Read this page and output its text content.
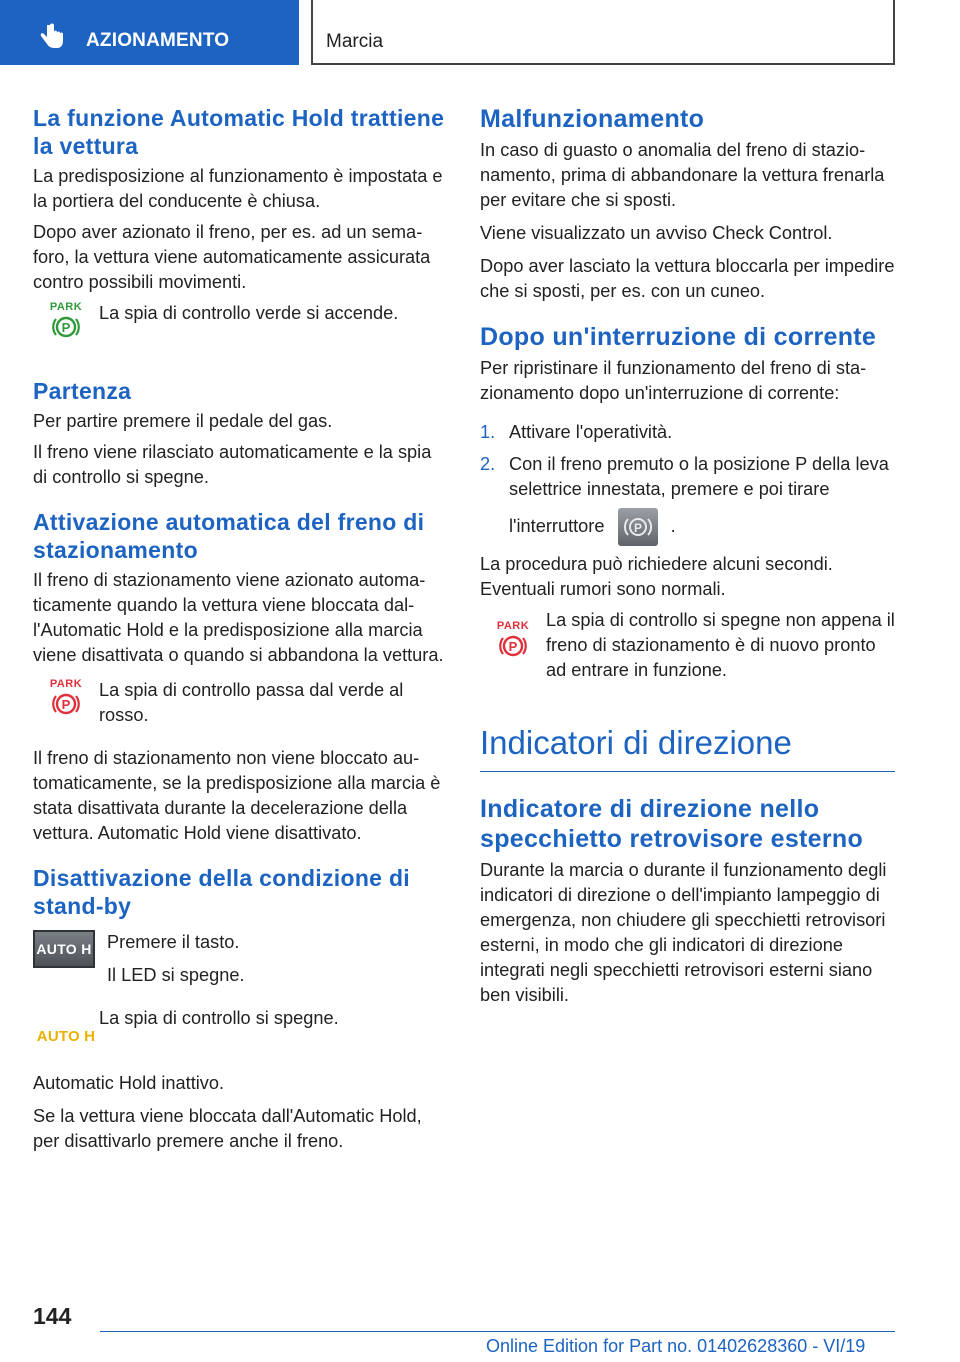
AZIONAMENTO	Marcia
La funzione Automatic Hold trattiene la vettura

La predisposizione al funzionamento è impostata e la portiera del conducente è chiusa.

Dopo aver azionato il freno, per es. ad un semaforo, la vettura viene automaticamente assicurata contro possibili movimenti.

PARK
P

La spia di controllo verde si accende.

Partenza

Per partire premere il pedale del gas.

Il freno viene rilasciato automaticamente e la spia di controllo si spegne.

Attivazione automatica del freno di stazionamento

Il freno di stazionamento viene azionato automaticamente quando la vettura viene bloccata dall'Automatic Hold e la predisposizione alla marcia viene disattivata o quando si abbandona la vettura.

PARK
P

La spia di controllo passa dal verde al rosso.

Il freno di stazionamento non viene bloccato automaticamente, se la predisposizione alla marcia è stata disattivata durante la decelerazione della vettura. Automatic Hold viene disattivato.

Disattivazione della condizione di stand-by
AUTO H Premere il tasto.

Il LED si spegne.

AUTO H

La spia di controllo si spegne.

Automatic Hold inattivo.

Se la vettura viene bloccata dall'Automatic Hold, per disattivarlo premere anche il freno.

Malfunzionamento

In caso di guasto o anomalia del freno di stazionamento, prima di abbandonare la vettura frenarla per evitare che si sposti.

Viene visualizzato un avviso Check Control.

Dopo aver lasciato la vettura bloccarla per impedire che si sposti, per es. con un cuneo.

Dopo un'interruzione di corrente

Per ripristinare il funzionamento del freno di stazionamento dopo un'interruzione di corrente:

1. Attivare l'operatività.
2. Con il freno premuto o la posizione P della leva selettrice innestata, premere e poi tirare
l'interruttore P .

La procedura può richiedere alcuni secondi.

Eventuali rumori sono normali.

PARK
P

La spia di controllo si spegne non appena il freno di stazionamento è di nuovo pronto ad entrare in funzione.

Indicatori di direzione
Indicatore di direzione nello specchietto retrovisore esterno

Durante la marcia o durante il funzionamento degli indicatori di direzione o dell'impianto lampeggio di emergenza, non chiudere gli specchietti retrovisori esterni, in modo che gli indicatori di direzione integrati negli specchietti retrovisori esterni siano ben visibili.

144
Online Edition for Part no. 01402628360 - VI/19
